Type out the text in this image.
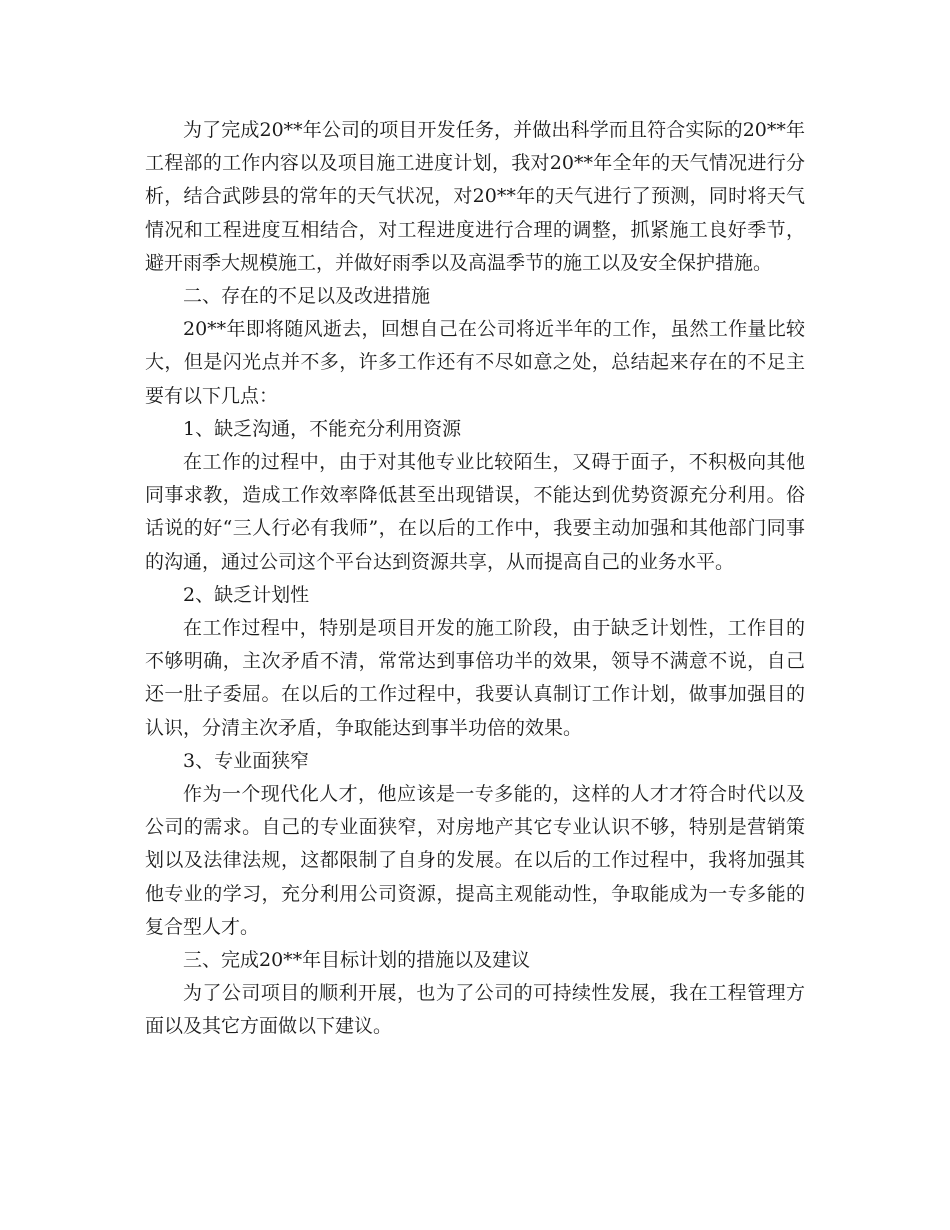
为了完成20**年公司的项目开发任务，并做出科学而且符合实际的20**年工程部的工作内容以及项目施工进度计划，我对20**年全年的天气情况进行分析，结合武陟县的常年的天气状况，对20**年的天气进行了预测，同时将天气情况和工程进度互相结合，对工程进度进行合理的调整，抓紧施工良好季节，避开雨季大规模施工，并做好雨季以及高温季节的施工以及安全保护措施。

二、存在的不足以及改进措施

20**年即将随风逝去，回想自己在公司将近半年的工作，虽然工作量比较大，但是闪光点并不多，许多工作还有不尽如意之处，总结起来存在的不足主要有以下几点：

1、缺乏沟通，不能充分利用资源

在工作的过程中，由于对其他专业比较陌生，又碍于面子，不积极向其他同事求教，造成工作效率降低甚至出现错误，不能达到优势资源充分利用。俗话说的好“三人行必有我师”，在以后的工作中，我要主动加强和其他部门同事的沟通，通过公司这个平台达到资源共享，从而提高自己的业务水平。

2、缺乏计划性

在工作过程中，特别是项目开发的施工阶段，由于缺乏计划性，工作目的不够明确，主次矛盾不清，常常达到事倍功半的效果，领导不满意不说，自己还一肚子委屈。在以后的工作过程中，我要认真制订工作计划，做事加强目的认识，分清主次矛盾，争取能达到事半功倍的效果。

3、专业面狭窄

作为一个现代化人才，他应该是一专多能的，这样的人才才符合时代以及公司的需求。自己的专业面狭窄，对房地产其它专业认识不够，特别是营销策划以及法律法规，这都限制了自身的发展。在以后的工作过程中，我将加强其他专业的学习，充分利用公司资源，提高主观能动性，争取能成为一专多能的复合型人才。

三、完成20**年目标计划的措施以及建议

为了公司项目的顺利开展，也为了公司的可持续性发展，我在工程管理方面以及其它方面做以下建议。
